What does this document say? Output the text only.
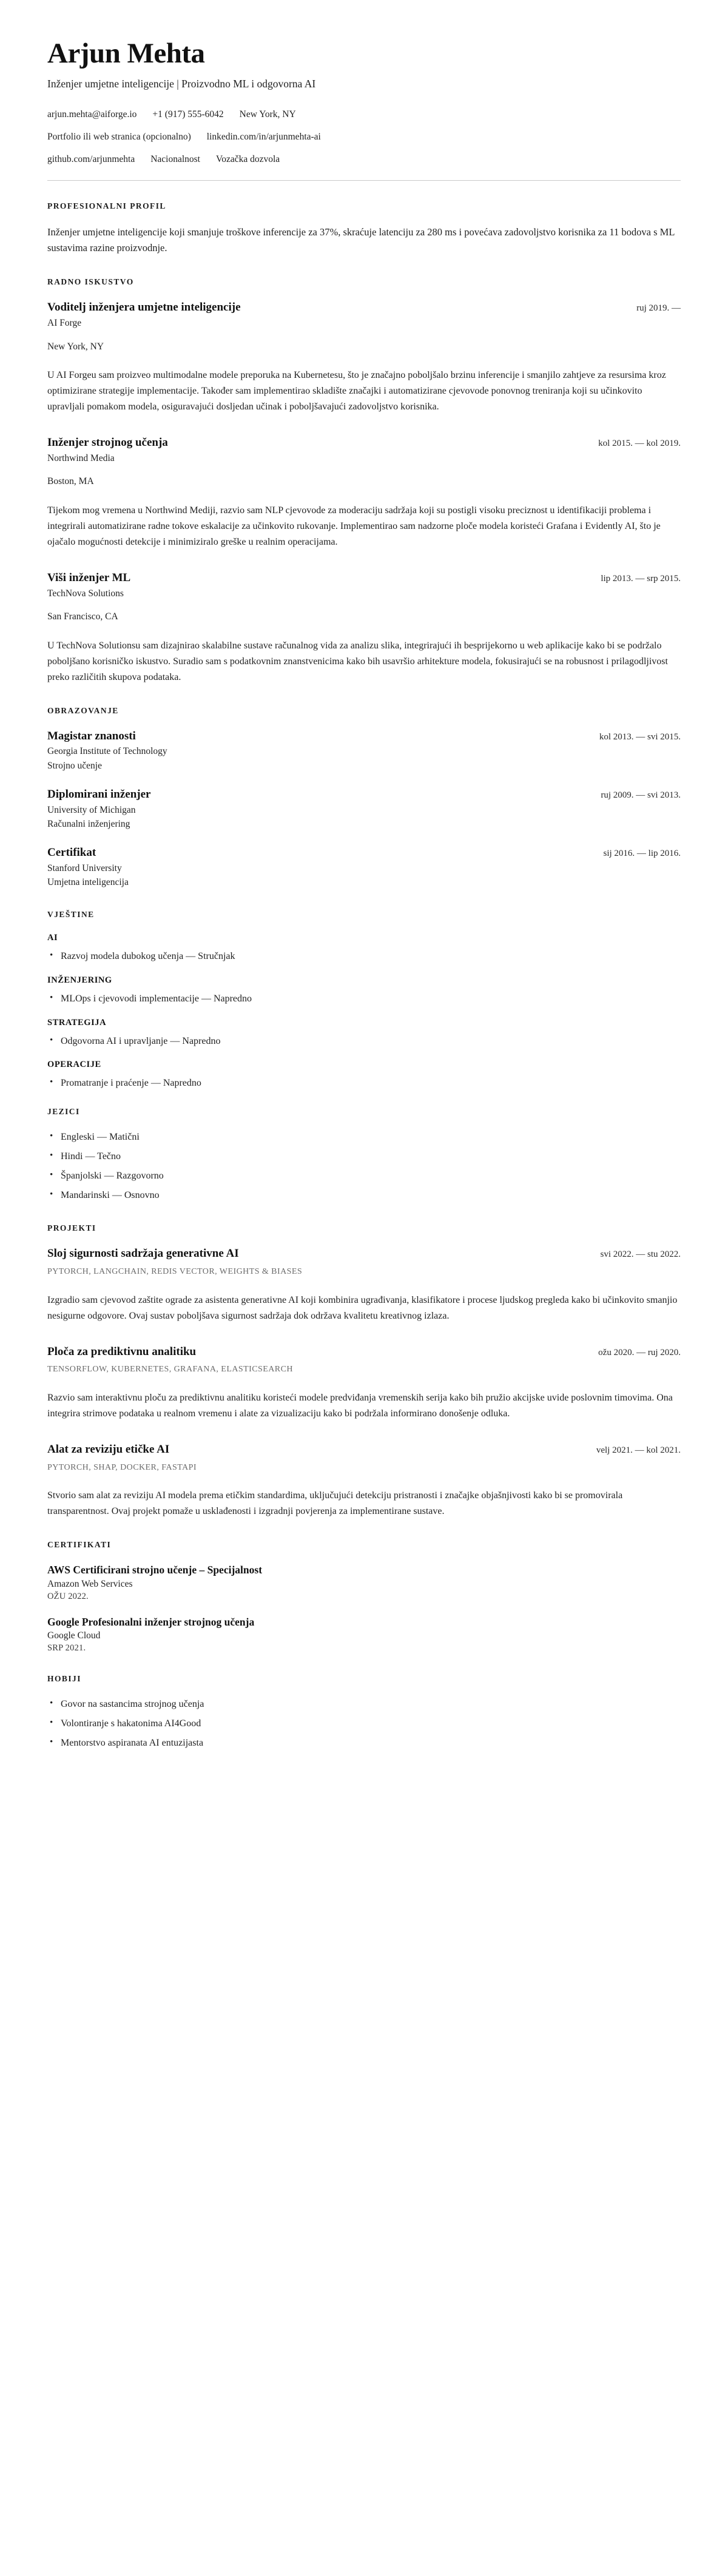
Arjun Mehta
Inženjer umjetne inteligencije | Proizvodno ML i odgovorna AI
arjun.mehta@aiforge.io +1 (917) 555-6042 New York, NY
Portfolio ili web stranica (opcionalno) linkedin.com/in/arjunmehta-ai
github.com/arjunmehta Nacionalnost Vozačka dozvola
PROFESIONALNI PROFIL

Inženjer umjetne inteligencije koji smanjuje troškove inferencije za 37%, skraćuje latenciju za 280 ms i povećava zadovoljstvo korisnika za 11 bodova s ML sustavima razine proizvodnje.

RADNO ISKUSTVO
Voditelj inženjera umjetne inteligencije	ruj 2019. —
AI Forge
New York, NY
U AI Forgeu sam proizveo multimodalne modele preporuka na Kubernetesu, što je značajno poboljšalo brzinu inferencije i smanjilo zahtjeve za resursima kroz optimizirane strategije implementacije. Također sam implementirao skladište značajki i automatizirane cjevovode ponovnog treniranja koji su učinkovito upravljali pomakom modela, osiguravajući dosljedan učinak i poboljšavajući zadovoljstvo korisnika.
Inženjer strojnog učenja	kol 2015. — kol 2019.
Northwind Media
Boston, MA
Tijekom mog vremena u Northwind Mediji, razvio sam NLP cjevovode za moderaciju sadržaja koji su postigli visoku preciznost u identifikaciji problema i integrirali automatizirane radne tokove eskalacije za učinkovito rukovanje. Implementirao sam nadzorne ploče modela koristeći Grafana i Evidently AI, što je ojačalo mogućnosti detekcije i minimiziralo greške u realnim operacijama.
Viši inženjer ML	lip 2013. — srp 2015.
TechNova Solutions
San Francisco, CA
U TechNova Solutionsu sam dizajnirao skalabilne sustave računalnog vida za analizu slika, integrirajući ih besprijekorno u web aplikacije kako bi se podržalo poboljšano korisničko iskustvo. Suradio sam s podatkovnim znanstvenicima kako bih usavršio arhitekture modela, fokusirajući se na robusnost i prilagodljivost preko različitih skupova podataka.
OBRAZOVANJE
Magistar znanosti	kol 2013. — svi 2015.
Georgia Institute of Technology
Strojno učenje
Diplomirani inženjer	ruj 2009. — svi 2013.
University of Michigan
Računalni inženjering
Certifikat	sij 2016. — lip 2016.
Stanford University
Umjetna inteligencija
VJEŠTINE
AI
• Razvoj modela dubokog učenja — Stručnjak
INŽENJERING
• MLOps i cjevovodi implementacije — Napredno
STRATEGIJA
• Odgovorna AI i upravljanje — Napredno
OPERACIJE
• Promatranje i praćenje — Napredno
JEZICI
• Engleski — Matični
• Hindi — Tečno
• Španjolski — Razgovorno
• Mandarinski — Osnovno
PROJEKTI
Sloj sigurnosti sadržaja generativne AI	svi 2022. — stu 2022.
PYTORCH, LANGCHAIN, REDIS VECTOR, WEIGHTS & BIASES
Izgradio sam cjevovod zaštite ograde za asistenta generativne AI koji kombinira ugrađivanja, klasifikatore i procese ljudskog pregleda kako bi učinkovito smanjio nesigurne odgovore. Ovaj sustav poboljšava sigurnost sadržaja dok održava kvalitetu kreativnog izlaza.
Ploča za prediktivnu analitiku	ožu 2020. — ruj 2020.
TENSORFLOW, KUBERNETES, GRAFANA, ELASTICSEARCH
Razvio sam interaktivnu ploču za prediktivnu analitiku koristeći modele predviđanja vremenskih serija kako bih pružio akcijske uvide poslovnim timovima. Ona integrira strimove podataka u realnom vremenu i alate za vizualizaciju kako bi podržala informirano donošenje odluka.
Alat za reviziju etičke AI	velj 2021. — kol 2021.
PYTORCH, SHAP, DOCKER, FASTAPI
Stvorio sam alat za reviziju AI modela prema etičkim standardima, uključujući detekciju pristranosti i značajke objašnjivosti kako bi se promovirala transparentnost. Ovaj projekt pomaže u usklađenosti i izgradnji povjerenja za implementirane sustave.
CERTIFIKATI
AWS Certificirani strojno učenje – Specijalnost
Amazon Web Services
OŽU 2022.
Google Profesionalni inženjer strojnog učenja
Google Cloud
SRP 2021.
HOBIJI
• Govor na sastancima strojnog učenja
• Volontiranje s hakatonima AI4Good
• Mentorstvo aspiranata AI entuzijasta
